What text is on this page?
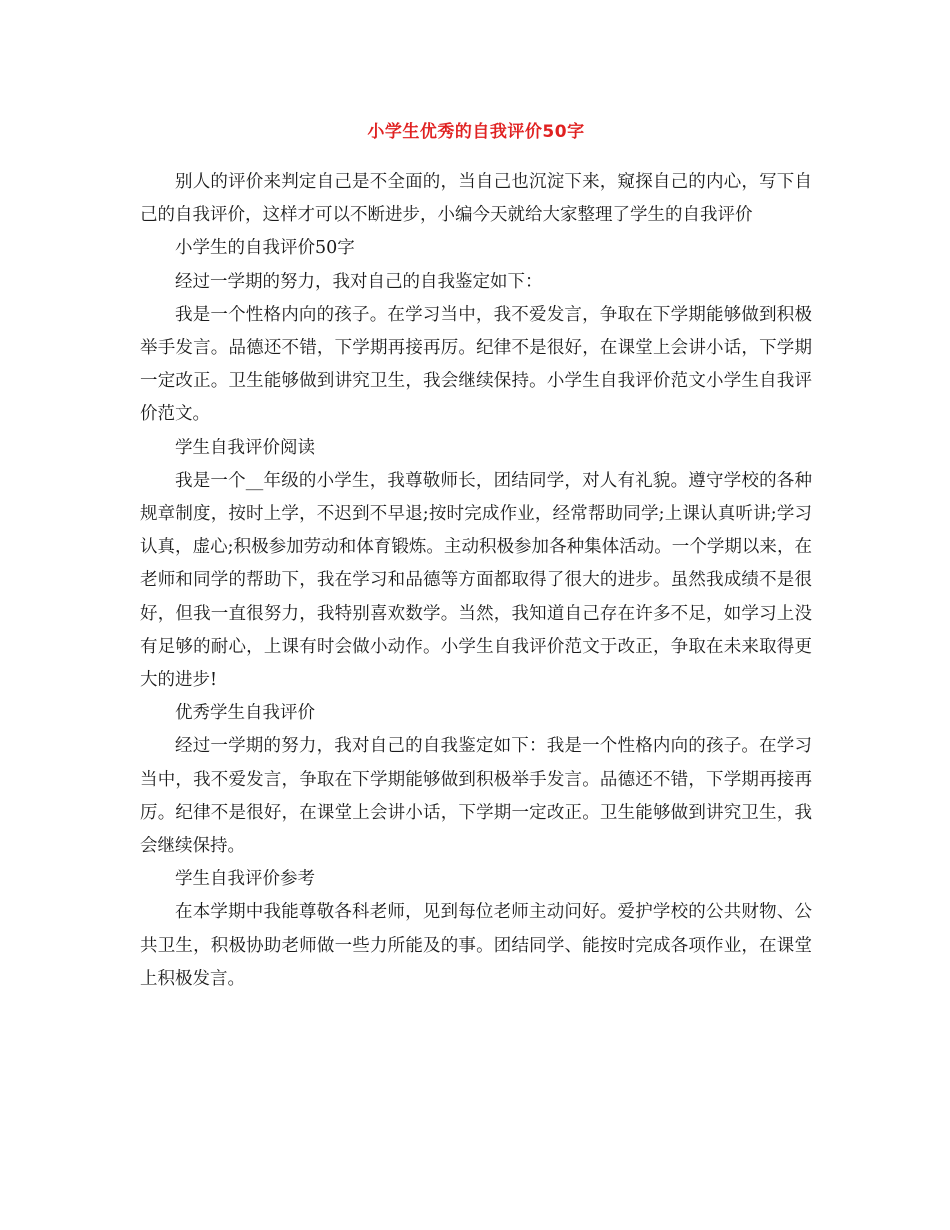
小学生优秀的自我评价50字

别人的评价来判定自己是不全面的，当自己也沉淀下来，窥探自己的内心，写下自己的自我评价，这样才可以不断进步，小编今天就给大家整理了学生的自我评价

小学生的自我评价50字

经过一学期的努力，我对自己的自我鉴定如下：

我是一个性格内向的孩子。在学习当中，我不爱发言，争取在下学期能够做到积极举手发言。品德还不错，下学期再接再厉。纪律不是很好，在课堂上会讲小话，下学期一定改正。卫生能够做到讲究卫生，我会继续保持。小学生自我评价范文小学生自我评价范文。

学生自我评价阅读

我是一个__年级的小学生，我尊敬师长，团结同学，对人有礼貌。遵守学校的各种规章制度，按时上学，不迟到不早退;按时完成作业，经常帮助同学;上课认真听讲;学习认真，虚心;积极参加劳动和体育锻炼。主动积极参加各种集体活动。一个学期以来，在老师和同学的帮助下，我在学习和品德等方面都取得了很大的进步。虽然我成绩不是很好，但我一直很努力，我特别喜欢数学。当然，我知道自己存在许多不足，如学习上没有足够的耐心，上课有时会做小动作。小学生自我评价范文于改正，争取在未来取得更大的进步!

优秀学生自我评价

经过一学期的努力，我对自己的自我鉴定如下：我是一个性格内向的孩子。在学习当中，我不爱发言，争取在下学期能够做到积极举手发言。品德还不错，下学期再接再厉。纪律不是很好，在课堂上会讲小话，下学期一定改正。卫生能够做到讲究卫生，我会继续保持。

学生自我评价参考

在本学期中我能尊敬各科老师，见到每位老师主动问好。爱护学校的公共财物、公共卫生，积极协助老师做一些力所能及的事。团结同学、能按时完成各项作业，在课堂上积极发言。
